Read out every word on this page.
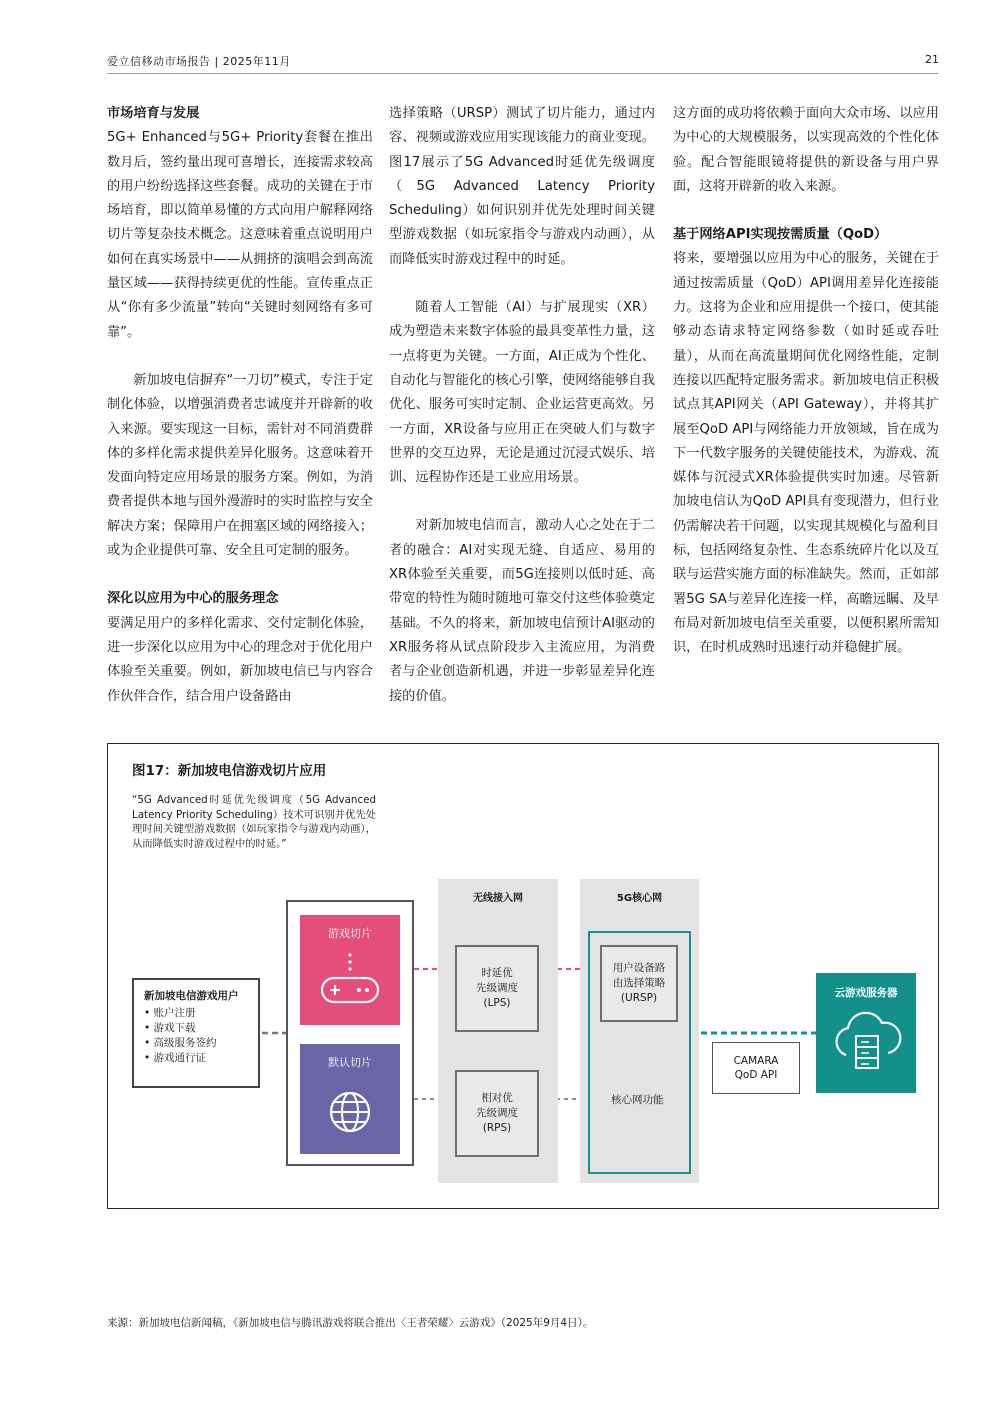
爱立信移动市场报告 | 2025年11月	21

市场培育与发展

5G+ Enhanced与5G+ Priority套餐在推出数月后，签约量出现可喜增长，连接需求较高的用户纷纷选择这些套餐。成功的关键在于市场培育，即以简单易懂的方式向用户解释网络切片等复杂技术概念。这意味着重点说明用户如何在真实场景中——从拥挤的演唱会到高流量区域——获得持续更优的性能。宣传重点正从“你有多少流量”转向“关键时刻网络有多可靠”。

新加坡电信摒弃“一刀切”模式，专注于定制化体验，以增强消费者忠诚度并开辟新的收入来源。要实现这一目标，需针对不同消费群体的多样化需求提供差异化服务。这意味着开发面向特定应用场景的服务方案。例如，为消费者提供本地与国外漫游时的实时监控与安全解决方案；保障用户在拥塞区域的网络接入；或为企业提供可靠、安全且可定制的服务。

深化以应用为中心的服务理念

要满足用户的多样化需求、交付定制化体验，进一步深化以应用为中心的理念对于优化用户体验至关重要。例如，新加坡电信已与内容合作伙伴合作，结合用户设备路由

选择策略（URSP）测试了切片能力，通过内容、视频或游戏应用实现该能力的商业变现。图17展示了5G Advanced时延优先级调度（5G Advanced Latency Priority Scheduling）如何识别并优先处理时间关键型游戏数据（如玩家指令与游戏内动画），从而降低实时游戏过程中的时延。

随着人工智能（AI）与扩展现实（XR）成为塑造未来数字体验的最具变革性力量，这一点将更为关键。一方面，AI正成为个性化、自动化与智能化的核心引擎，使网络能够自我优化、服务可实时定制、企业运营更高效。另一方面，XR设备与应用正在突破人们与数字世界的交互边界，无论是通过沉浸式娱乐、培训、远程协作还是工业应用场景。

对新加坡电信而言，激动人心之处在于二者的融合：AI对实现无缝、自适应、易用的XR体验至关重要，而5G连接则以低时延、高带宽的特性为随时随地可靠交付这些体验奠定基础。不久的将来，新加坡电信预计AI驱动的XR服务将从试点阶段步入主流应用，为消费者与企业创造新机遇，并进一步彰显差异化连接的价值。

这方面的成功将依赖于面向大众市场、以应用为中心的大规模服务，以实现高效的个性化体验。配合智能眼镜将提供的新设备与用户界面，这将开辟新的收入来源。

基于网络API实现按需质量（QoD）

将来，要增强以应用为中心的服务，关键在于通过按需质量（QoD）API调用差异化连接能力。这将为企业和应用提供一个接口，使其能够动态请求特定网络参数（如时延或吞吐量），从而在高流量期间优化网络性能，定制连接以匹配特定服务需求。新加坡电信正积极试点其API网关（API Gateway），并将其扩展至QoD API与网络能力开放领域，旨在成为下一代数字服务的关键使能技术，为游戏、流媒体与沉浸式XR体验提供实时加速。尽管新加坡电信认为QoD API具有变现潜力，但行业仍需解决若干问题，以实现其规模化与盈利目标，包括网络复杂性、生态系统碎片化以及互联与运营实施方面的标准缺失。然而，正如部署5G SA与差异化连接一样，高瞻远瞩、及早布局对新加坡电信至关重要，以便积累所需知识，在时机成熟时迅速行动并稳健扩展。

图17：新加坡电信游戏切片应用
“5G Advanced时延优先级调度（5G Advanced Latency Priority Scheduling）技术可识别并优先处理时间关键型游戏数据（如玩家指令与游戏内动画），从而降低实时游戏过程中的时延。”
新加坡电信游戏用户
• 账户注册
• 游戏下载
• 高级服务签约
• 游戏通行证
游戏切片
默认切片
无线接入网	5G核心网
时延优
先级调度
(LPS)
相对优
先级调度
(RPS)
用户设备路
由选择策略
(URSP)
核心网功能
CAMARA
QoD API
云游戏服务器
来源：新加坡电信新闻稿，《新加坡电信与腾讯游戏将联合推出〈王者荣耀〉云游戏》（2025年9月4日）。
